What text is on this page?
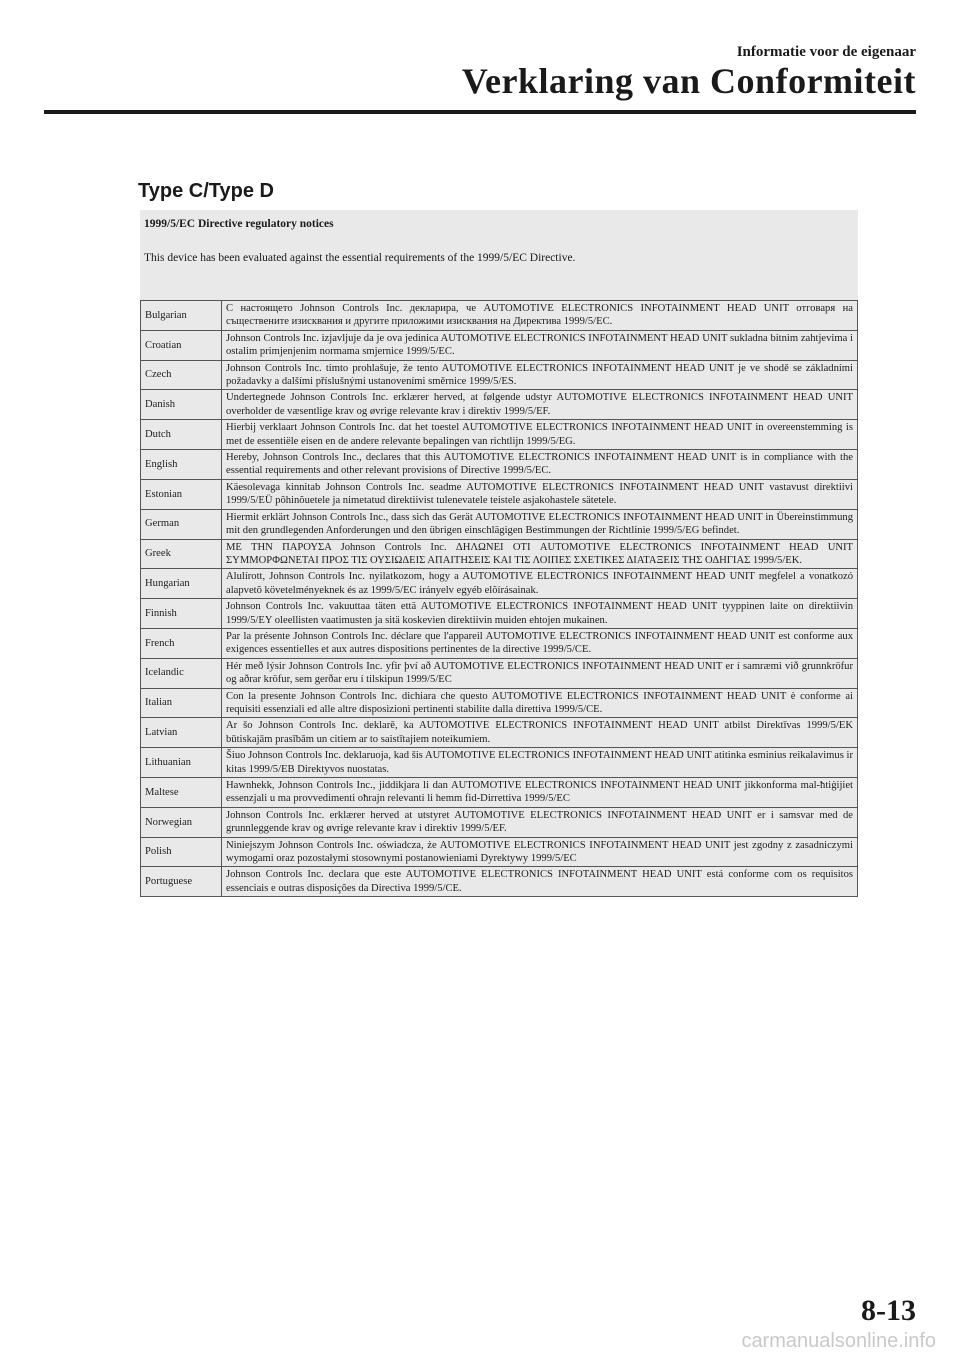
Informatie voor de eigenaar
Verklaring van Conformiteit
Type C/Type D
1999/5/EC Directive regulatory notices
This device has been evaluated against the essential requirements of the 1999/5/EC Directive.
Bulgarian	С настоящето Johnson Controls Inc. декларира, че AUTOMOTIVE ELECTRONICS INFOTAINMENT HEAD UNIT отговаря на съществените изисквания и другите приложими изисквания на Директива 1999/5/ЕС.
Croatian	Johnson Controls Inc. izjavljuje da je ova jedinica AUTOMOTIVE ELECTRONICS INFOTAINMENT HEAD UNIT sukladna bitnim zahtjevima i ostalim primjenjenim normama smjernice 1999/5/EC.
Czech	Johnson Controls Inc. tímto prohlašuje, že tento AUTOMOTIVE ELECTRONICS INFOTAINMENT HEAD UNIT je ve shodě se základními požadavky a dalšími příslušnými ustanoveními směrnice 1999/5/ES.
Danish	Undertegnede Johnson Controls Inc. erklærer herved, at følgende udstyr AUTOMOTIVE ELECTRONICS INFOTAINMENT HEAD UNIT overholder de væsentlige krav og øvrige relevante krav i direktiv 1999/5/EF.
Dutch	Hierbij verklaart Johnson Controls Inc. dat het toestel AUTOMOTIVE ELECTRONICS INFOTAINMENT HEAD UNIT in overeenstemming is met de essentiële eisen en de andere relevante bepalingen van richtlijn 1999/5/EG.
English	Hereby, Johnson Controls Inc., declares that this AUTOMOTIVE ELECTRONICS INFOTAINMENT HEAD UNIT is in compliance with the essential requirements and other relevant provisions of Directive 1999/5/EC.
Estonian	Käesolevaga kinnitab Johnson Controls Inc. seadme AUTOMOTIVE ELECTRONICS INFOTAINMENT HEAD UNIT vastavust direktiivi 1999/5/EÜ põhinõuetele ja nimetatud direktiivist tulenevatele teistele asjakohastele sätetele.
German	Hiermit erklärt Johnson Controls Inc., dass sich das Gerät AUTOMOTIVE ELECTRONICS INFOTAINMENT HEAD UNIT in Übereinstimmung mit den grundlegenden Anforderungen und den übrigen einschlägigen Bestimmungen der Richtlinie 1999/5/EG befindet.
Greek	ΜΕ ΤΗΝ ΠΑΡΟΥΣΑ Johnson Controls Inc. ΔΗΛΩΝΕΙ ΟΤΙ AUTOMOTIVE ELECTRONICS INFOTAINMENT HEAD UNIT ΣΥΜΜΟΡΦΩΝΕΤΑΙ ΠΡΟΣ ΤΙΣ ΟΥΣΙΩΔΕΙΣ ΑΠΑΙΤΗΣΕΙΣ ΚΑΙ ΤΙΣ ΛΟΙΠΕΣ ΣΧΕΤΙΚΕΣ ΔΙΑΤΑΞΕΙΣ ΤΗΣ ΟΔΗΓΙΑΣ 1999/5/ΕΚ.
Hungarian	Alulírott, Johnson Controls Inc. nyilatkozom, hogy a AUTOMOTIVE ELECTRONICS INFOTAINMENT HEAD UNIT megfelel a vonatkozó alapvetõ követelményeknek és az 1999/5/EC irányelv egyéb elõírásainak.
Finnish	Johnson Controls Inc. vakuuttaa täten että AUTOMOTIVE ELECTRONICS INFOTAINMENT HEAD UNIT tyyppinen laite on direktiivin 1999/5/EY oleellisten vaatimusten ja sitä koskevien direktiivin muiden ehtojen mukainen.
French	Par la présente Johnson Controls Inc. déclare que l'appareil AUTOMOTIVE ELECTRONICS INFOTAINMENT HEAD UNIT est conforme aux exigences essentielles et aux autres dispositions pertinentes de la directive 1999/5/CE.
Icelandic	Hér með lýsir Johnson Controls Inc. yfir því að AUTOMOTIVE ELECTRONICS INFOTAINMENT HEAD UNIT er í samræmi við grunnkröfur og aðrar kröfur, sem gerðar eru í tilskipun 1999/5/EC
Italian	Con la presente Johnson Controls Inc. dichiara che questo AUTOMOTIVE ELECTRONICS INFOTAINMENT HEAD UNIT è conforme ai requisiti essenziali ed alle altre disposizioni pertinenti stabilite dalla direttiva 1999/5/CE.
Latvian	Ar šo Johnson Controls Inc. deklarē, ka AUTOMOTIVE ELECTRONICS INFOTAINMENT HEAD UNIT atbilst Direktīvas 1999/5/EK būtiskajām prasībām un citiem ar to saistītajiem noteikumiem.
Lithuanian	Šiuo Johnson Controls Inc. deklaruoja, kad šis AUTOMOTIVE ELECTRONICS INFOTAINMENT HEAD UNIT atitinka esminius reikalavimus ir kitas 1999/5/EB Direktyvos nuostatas.
Maltese	Hawnhekk, Johnson Controls Inc., jiddikjara li dan AUTOMOTIVE ELECTRONICS INFOTAINMENT HEAD UNIT jikkonforma mal-ħtiġijiet essenzjali u ma provvedimenti oħrajn relevanti li hemm fid-Dirrettiva 1999/5/EC
Norwegian	Johnson Controls Inc. erklærer herved at utstyret AUTOMOTIVE ELECTRONICS INFOTAINMENT HEAD UNIT er i samsvar med de grunnleggende krav og øvrige relevante krav i direktiv 1999/5/EF.
Polish	Niniejszym Johnson Controls Inc. oświadcza, że AUTOMOTIVE ELECTRONICS INFOTAINMENT HEAD UNIT jest zgodny z zasadniczymi wymogami oraz pozostałymi stosownymi postanowieniami Dyrektywy 1999/5/EC
Portuguese	Johnson Controls Inc. declara que este AUTOMOTIVE ELECTRONICS INFOTAINMENT HEAD UNIT está conforme com os requisitos essenciais e outras disposições da Directiva 1999/5/CE.
8-13
carmanualsonline.info
